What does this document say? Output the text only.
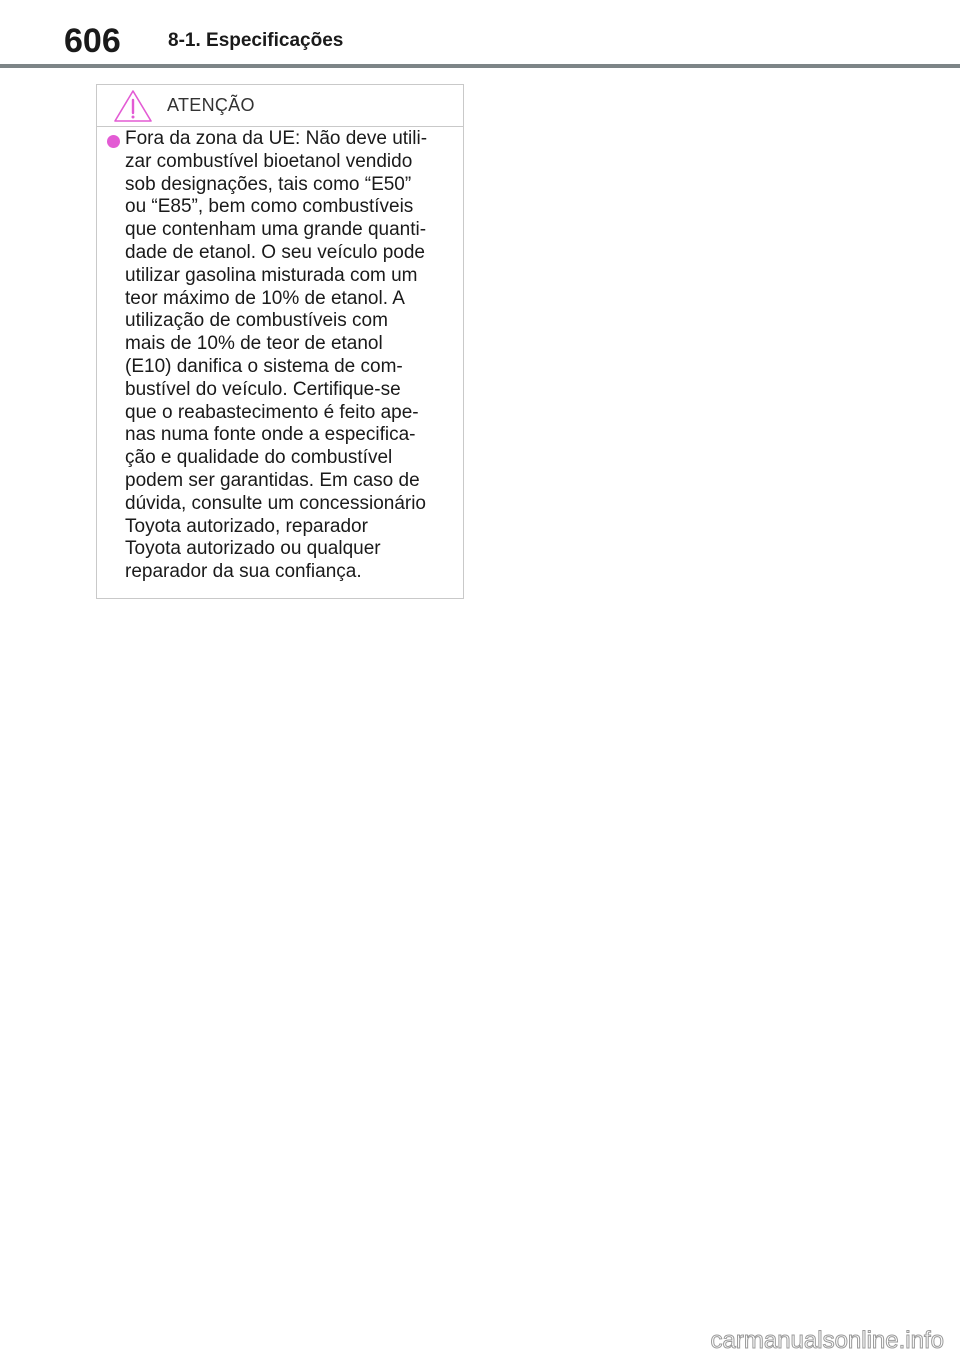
606 8-1. Especificações
ATENÇÃO

Fora da zona da UE: Não deve utili-
zar combustível bioetanol vendido
sob designações, tais como “E50”
ou “E85”, bem como combustíveis
que contenham uma grande quanti-
dade de etanol. O seu veículo pode
utilizar gasolina misturada com um
teor máximo de 10% de etanol. A
utilização de combustíveis com
mais de 10% de teor de etanol
(E10) danifica o sistema de com-
bustível do veículo. Certifique-se
que o reabastecimento é feito ape-
nas numa fonte onde a especifica-
ção e qualidade do combustível
podem ser garantidas. Em caso de
dúvida, consulte um concessionário
Toyota autorizado, reparador
Toyota autorizado ou qualquer
reparador da sua confiança.

carmanualsonline.info
